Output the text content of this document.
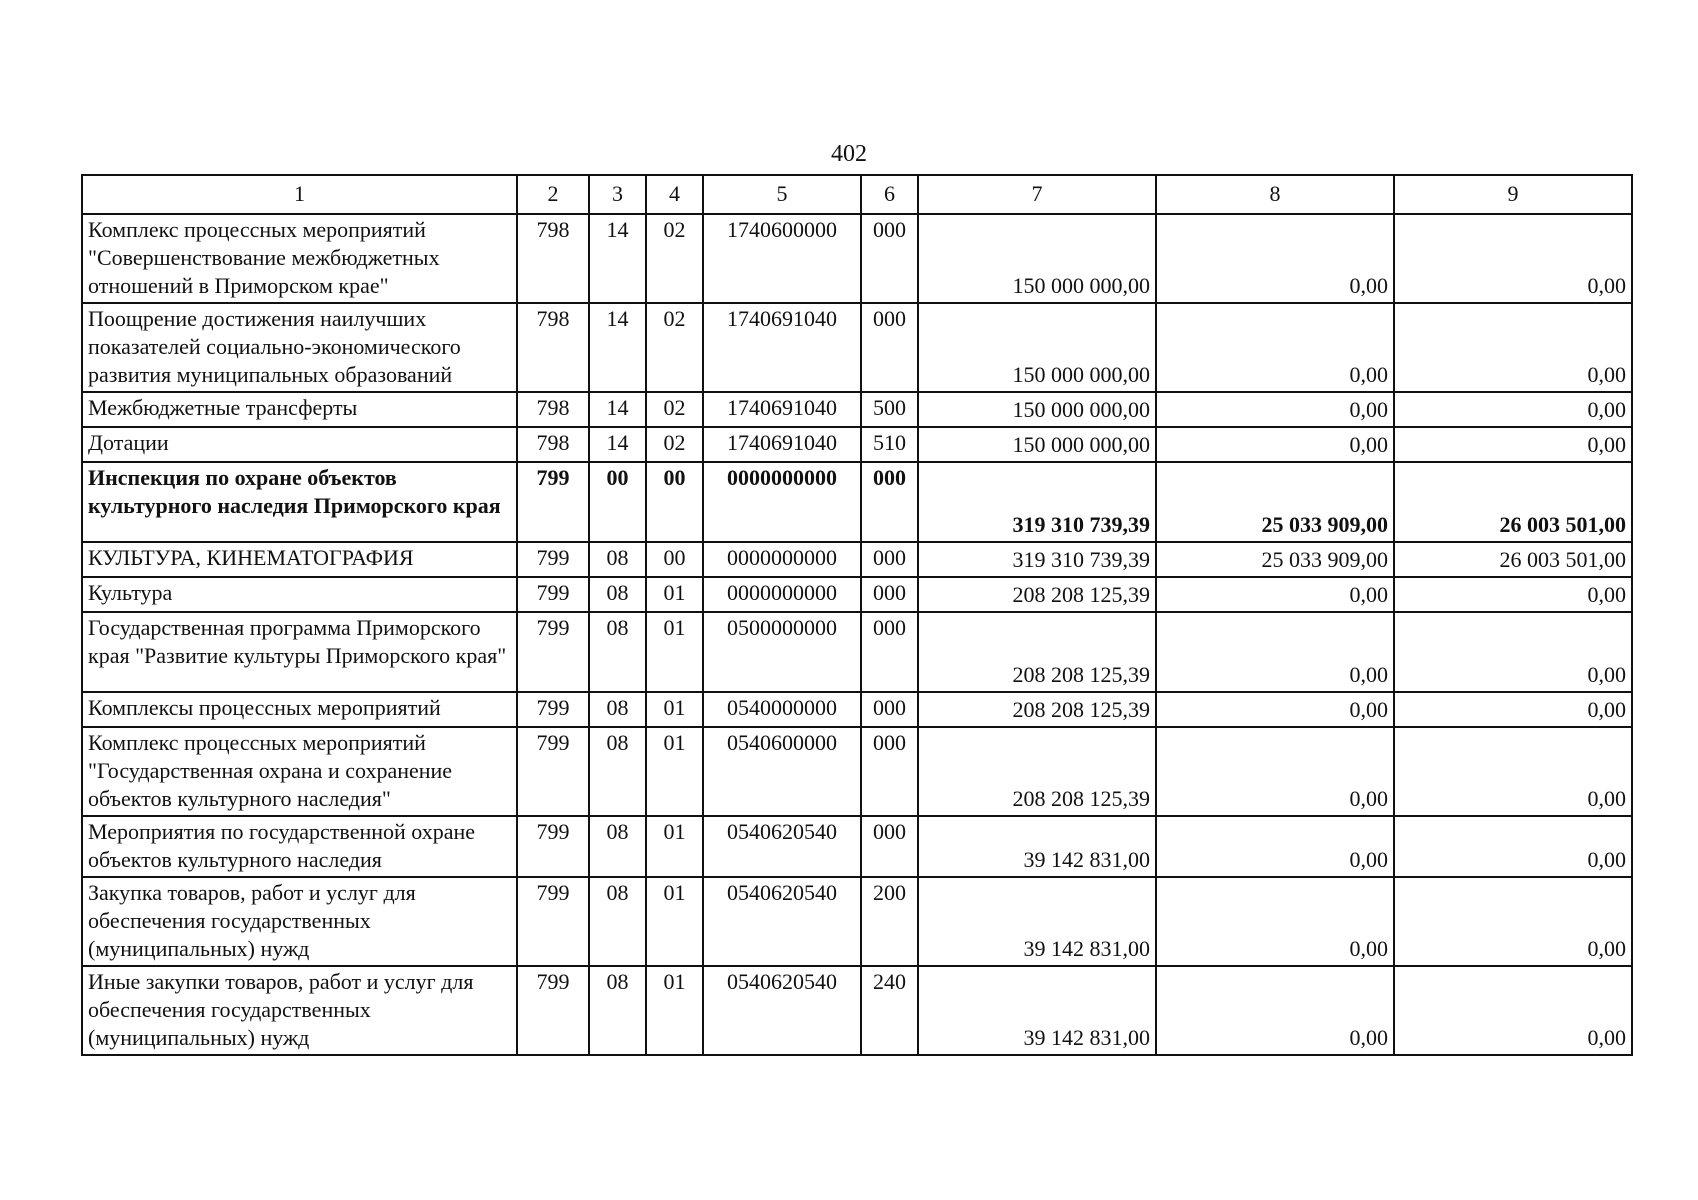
402
1	2	3	4	5	6	7	8	9
Комплекс процессных мероприятий "Совершенствование межбюджетных отношений в Приморском крае"	798	14	02	1740600000	000	150 000 000,00	0,00	0,00
Поощрение достижения наилучших показателей социально-экономического развития муниципальных образований	798	14	02	1740691040	000	150 000 000,00	0,00	0,00
Межбюджетные трансферты	798	14	02	1740691040	500	150 000 000,00	0,00	0,00
Дотации	798	14	02	1740691040	510	150 000 000,00	0,00	0,00
Инспекция по охране объектов культурного наследия Приморского края	799	00	00	0000000000	000	319 310 739,39	25 033 909,00	26 003 501,00
КУЛЬТУРА, КИНЕМАТОГРАФИЯ	799	08	00	0000000000	000	319 310 739,39	25 033 909,00	26 003 501,00
Культура	799	08	01	0000000000	000	208 208 125,39	0,00	0,00
Государственная программа Приморского края "Развитие культуры Приморского края"	799	08	01	0500000000	000	208 208 125,39	0,00	0,00
Комплексы процессных мероприятий	799	08	01	0540000000	000	208 208 125,39	0,00	0,00
Комплекс процессных мероприятий "Государственная охрана и сохранение объектов культурного наследия"	799	08	01	0540600000	000	208 208 125,39	0,00	0,00
Мероприятия по государственной охране объектов культурного наследия	799	08	01	0540620540	000	39 142 831,00	0,00	0,00
Закупка товаров, работ и услуг для обеспечения государственных (муниципальных) нужд	799	08	01	0540620540	200	39 142 831,00	0,00	0,00
Иные закупки товаров, работ и услуг для обеспечения государственных (муниципальных) нужд	799	08	01	0540620540	240	39 142 831,00	0,00	0,00
